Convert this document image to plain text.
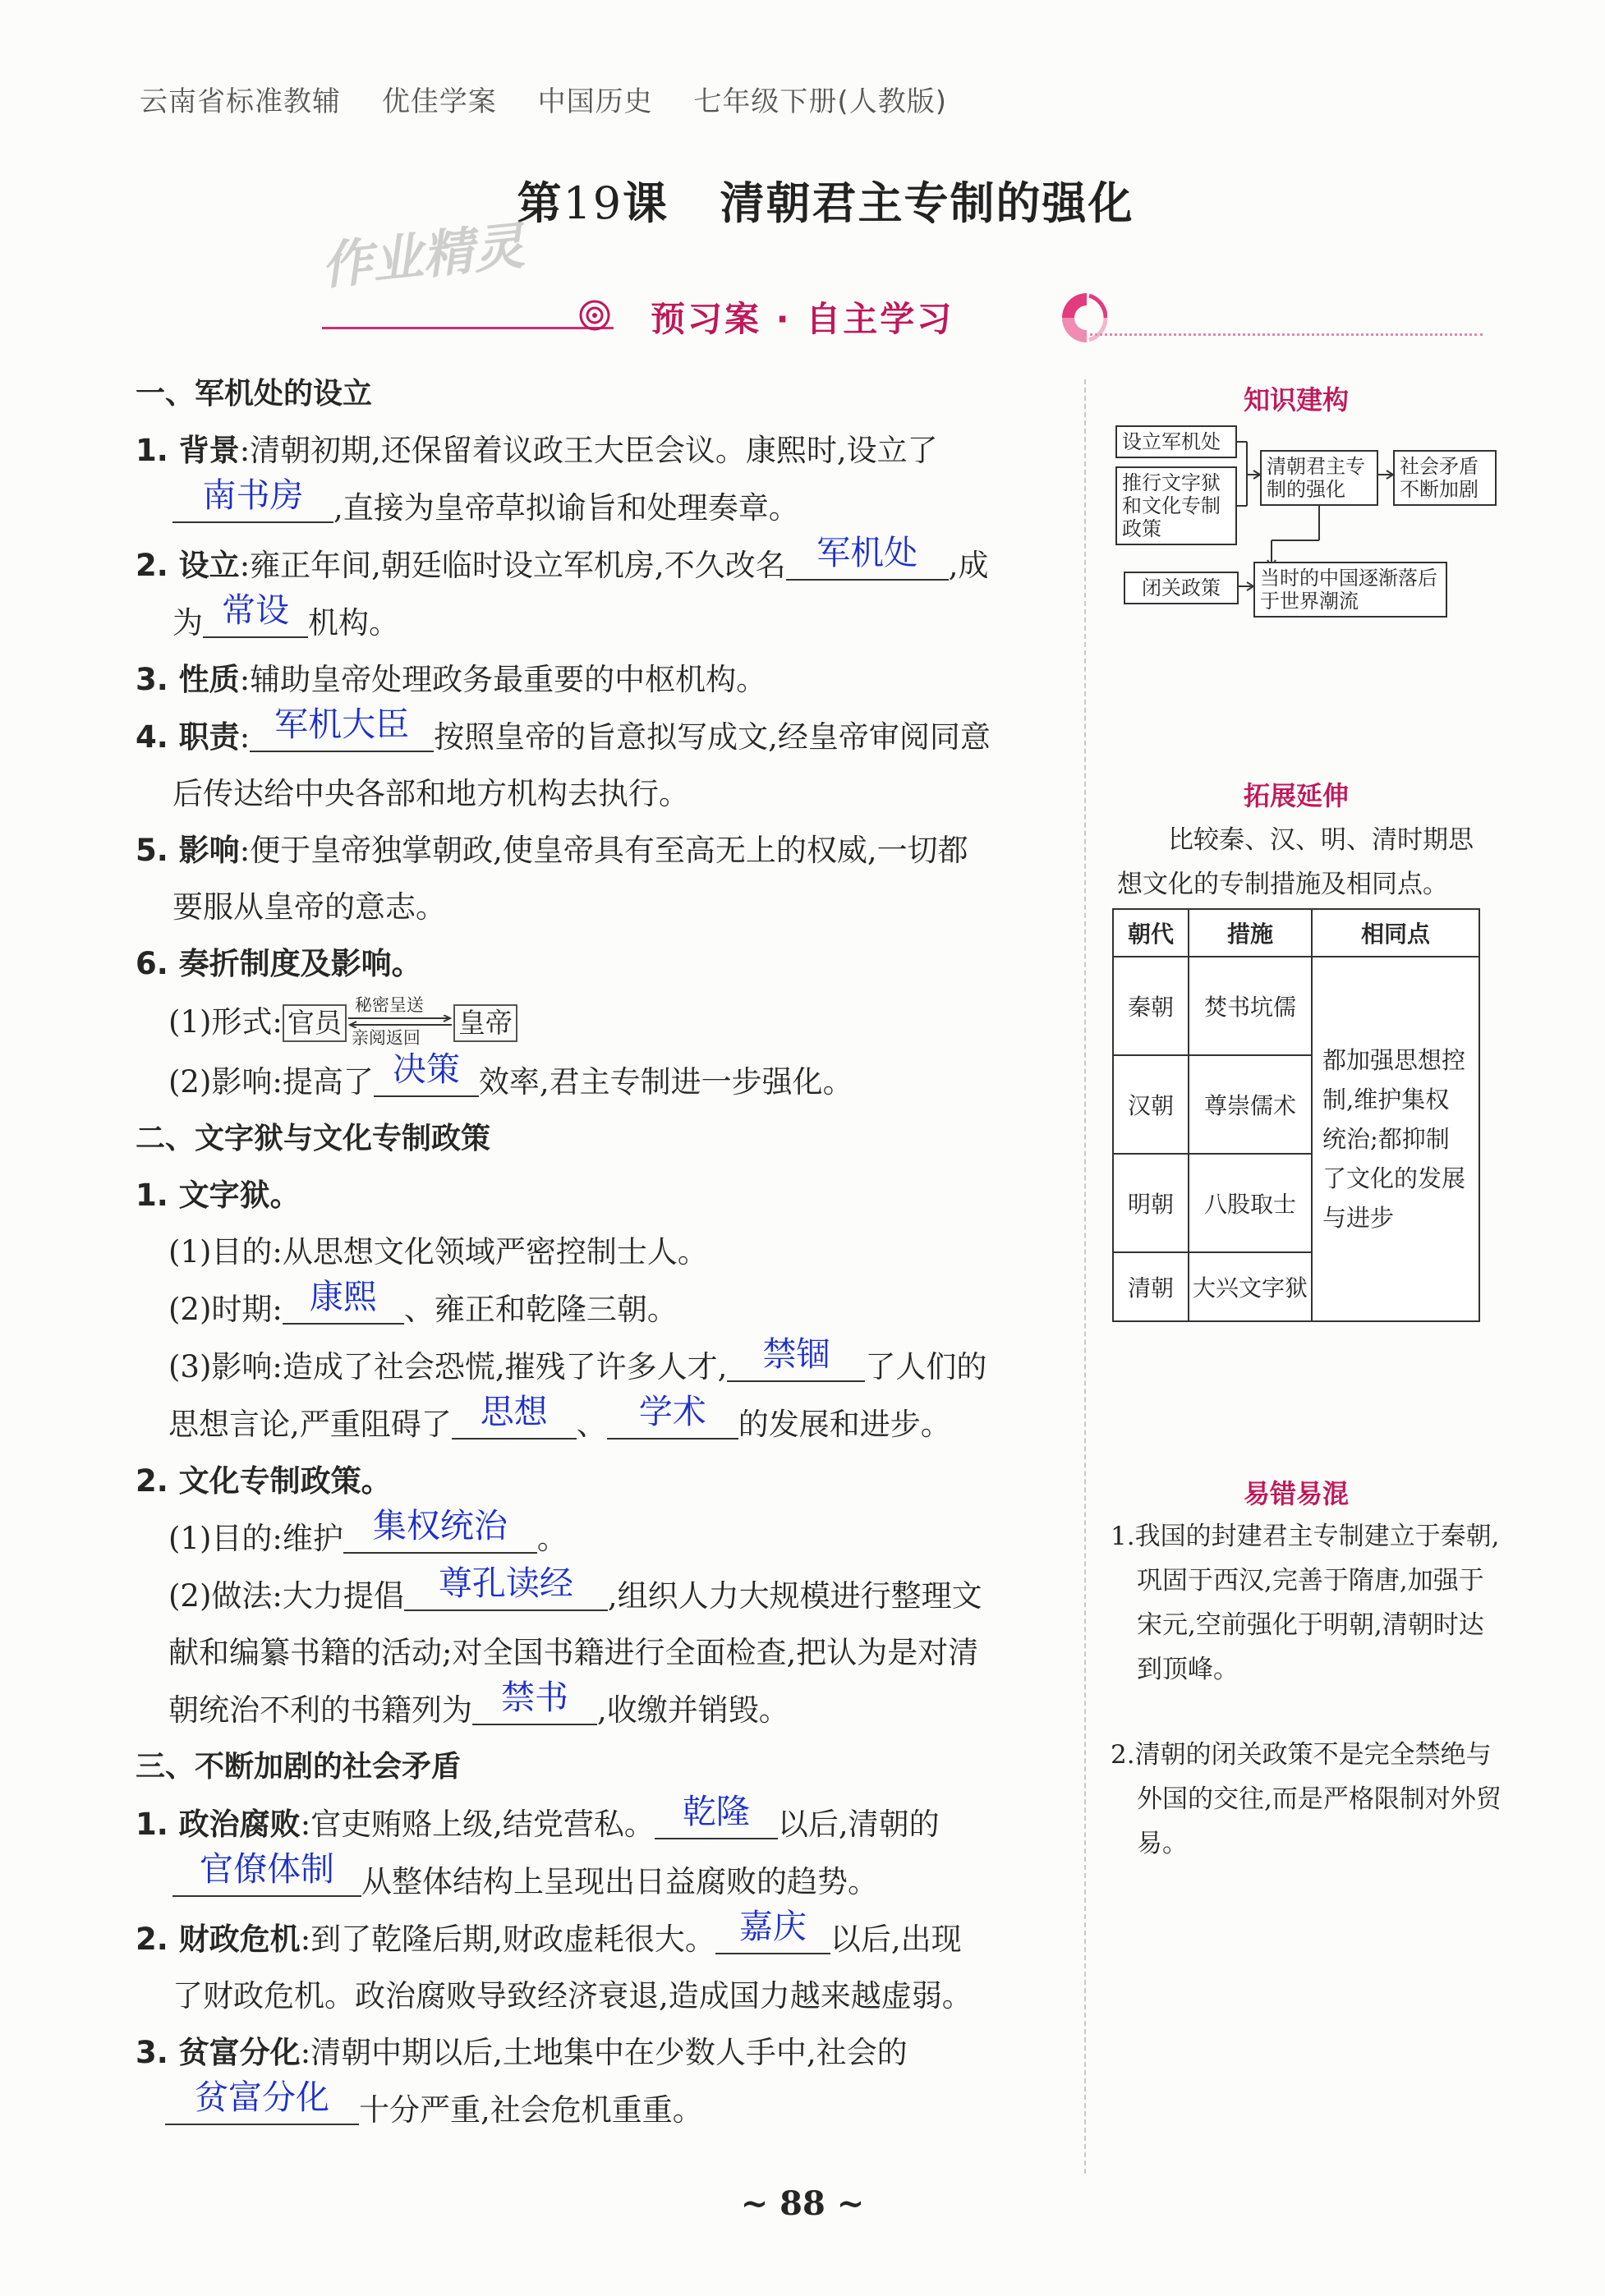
云南省标准教辅 优佳学案 中国历史 七年级下册(人教版)
第19课 清朝君主专制的强化
作业精灵
预习案 · 自主学习

一、军机处的设立

1. 背景:清朝初期,还保留着议政王大臣会议。康熙时,设立了

南书房 ,直接为皇帝草拟谕旨和处理奏章。

2. 设立:雍正年间,朝廷临时设立军机房,不久改名 军机处 ,成

为 常设 机构。

3. 性质:辅助皇帝处理政务最重要的中枢机构。

4. 职责: 军机大臣 按照皇帝的旨意拟写成文,经皇帝审阅同意

后传达给中央各部和地方机构去执行。

5. 影响:便于皇帝独掌朝政,使皇帝具有至高无上的权威,一切都

要服从皇帝的意志。

6. 奏折制度及影响。

(1)形式: 官员
秘密呈送
亲阅返回 皇帝

(2)影响:提高了 决策 效率,君主专制进一步强化。

二、文字狱与文化专制政策

1. 文字狱。

(1)目的:从思想文化领域严密控制士人。

(2)时期: 康熙 、雍正和乾隆三朝。

(3)影响:造成了社会恐慌,摧残了许多人才, 禁锢 了人们的

思想言论,严重阻碍了 思想 、 学术 的发展和进步。

2. 文化专制政策。

(1)目的:维护 集权统治 。

(2)做法:大力提倡 尊孔读经 ,组织人力大规模进行整理文

献和编纂书籍的活动;对全国书籍进行全面检查,把认为是对清

朝统治不利的书籍列为 禁书 ,收缴并销毁。

三、不断加剧的社会矛盾

1. 政治腐败:官吏贿赂上级,结党营私。 乾隆 以后,清朝的

官僚体制 从整体结构上呈现出日益腐败的趋势。

2. 财政危机:到了乾隆后期,财政虚耗很大。 嘉庆 以后,出现

了财政危机。政治腐败导致经济衰退,造成国力越来越虚弱。

3. 贫富分化:清朝中期以后,土地集中在少数人手中,社会的

贫富分化 十分严重,社会危机重重。

知识建构
设立军机处
推行文字狱和文化专制政策
清朝君主专制的强化
社会矛盾不断加剧
闭关政策	当时的中国逐渐落后于世界潮流
拓展延伸
比较秦、汉、明、清时期思
想文化的专制措施及相同点。
朝代	措施	相同点
秦朝	焚书坑儒	都加强思想控制,维护集权统治;都抑制了文化的发展与进步
汉朝	尊崇儒术	
明朝	八股取士	
清朝	大兴文字狱	
易错易混
1.我国的封建君主专制建立于秦朝,巩固于西汉,完善于隋唐,加强于宋元,空前强化于明朝,清朝时达到顶峰。
2.清朝的闭关政策不是完全禁绝与外国的交往,而是严格限制对外贸易。
~ 88 ~
